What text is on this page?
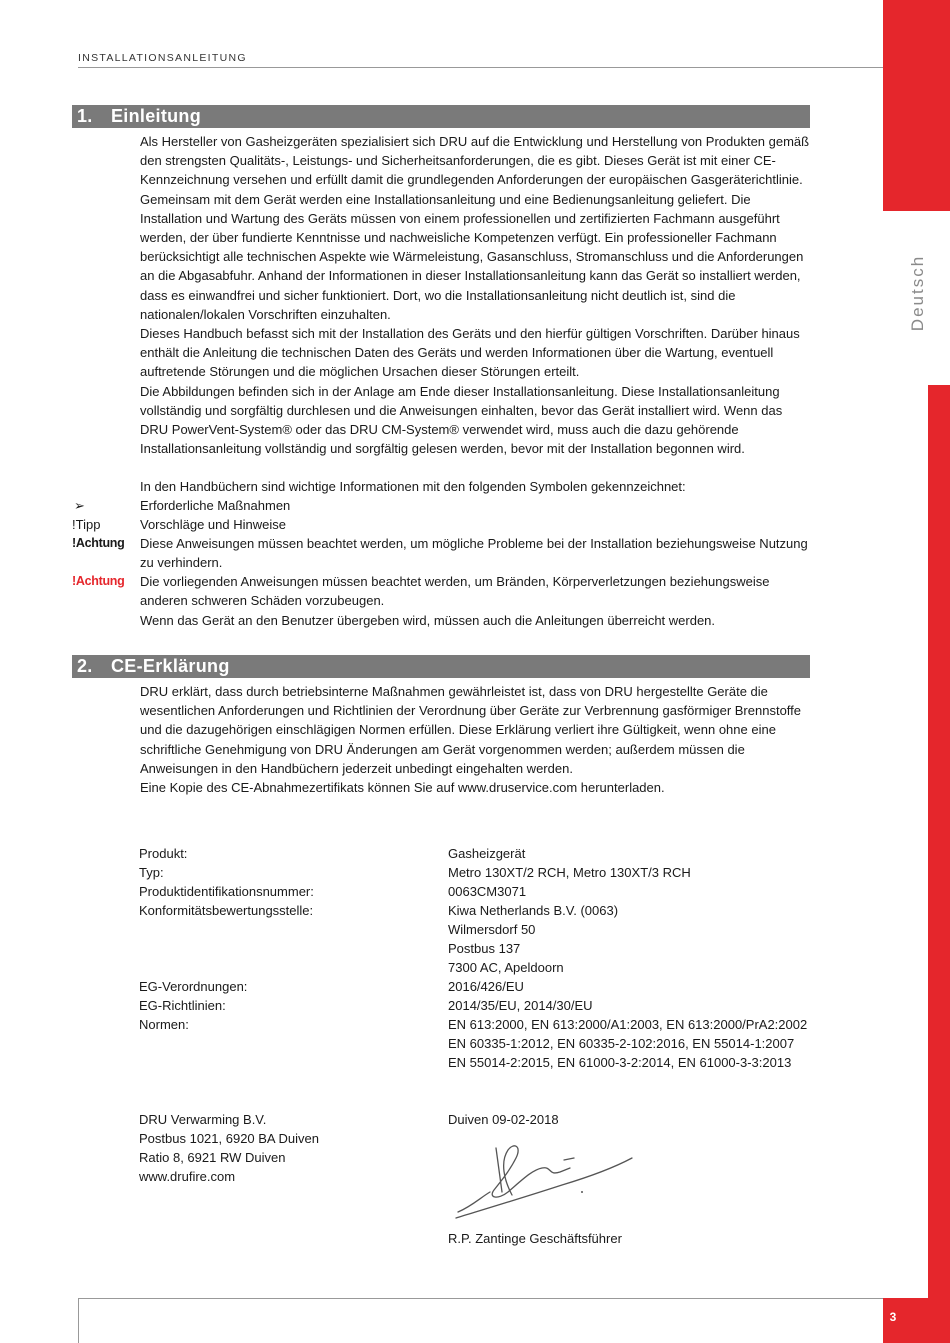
Deutsch
INSTALLATIONSANLEITUNG
1. Einleitung

Als Hersteller von Gasheizgeräten spezialisiert sich DRU auf die Entwicklung und Herstellung von Produkten gemäß den strengsten Qualitäts-, Leistungs- und Sicherheitsanforderungen, die es gibt. Dieses Gerät ist mit einer CE-Kennzeichnung versehen und erfüllt damit die grundlegenden Anforderungen der europäischen Gasgeräterichtlinie. Gemeinsam mit dem Gerät werden eine Installationsanleitung und eine Bedienungsanleitung geliefert. Die Installation und Wartung des Geräts müssen von einem professionellen und zertifizierten Fachmann ausgeführt werden, der über fundierte Kenntnisse und nachweisliche Kompetenzen verfügt. Ein professioneller Fachmann berücksichtigt alle technischen Aspekte wie Wärmeleistung, Gasanschluss, Stromanschluss und die Anforderungen an die Abgasabfuhr. Anhand der Informationen in dieser Installationsanleitung kann das Gerät so installiert werden, dass es einwandfrei und sicher funktioniert. Dort, wo die Installationsanleitung nicht deutlich ist, sind die nationalen/lokalen Vorschriften einzuhalten.

Dieses Handbuch befasst sich mit der Installation des Geräts und den hierfür gültigen Vorschriften. Darüber hinaus enthält die Anleitung die technischen Daten des Geräts und werden Informationen über die Wartung, eventuell auftretende Störungen und die möglichen Ursachen dieser Störungen erteilt.

Die Abbildungen befinden sich in der Anlage am Ende dieser Installationsanleitung. Diese Installationsanleitung vollständig und sorgfältig durchlesen und die Anweisungen einhalten, bevor das Gerät installiert wird. Wenn das DRU PowerVent-System® oder das DRU CM-System® verwendet wird, muss auch die dazu gehörende Installationsanleitung vollständig und sorgfältig gelesen werden, bevor mit der Installation begonnen wird.

In den Handbüchern sind wichtige Informationen mit den folgenden Symbolen gekennzeichnet:
➢	Erforderliche Maßnahmen
!Tipp	Vorschläge und Hinweise
!Achtung Diese Anweisungen müssen beachtet werden, um mögliche Probleme bei der Installation beziehungsweise Nutzung zu verhindern.
!Achtung Die vorliegenden Anweisungen müssen beachtet werden, um Bränden, Körperverletzungen beziehungsweise anderen schweren Schäden vorzubeugen.
Wenn das Gerät an den Benutzer übergeben wird, müssen auch die Anleitungen überreicht werden.
2. CE-Erklärung

DRU erklärt, dass durch betriebsinterne Maßnahmen gewährleistet ist, dass von DRU hergestellte Geräte die wesentlichen Anforderungen und Richtlinien der Verordnung über Geräte zur Verbrennung gasförmiger Brennstoffe und die dazugehörigen einschlägigen Normen erfüllen. Diese Erklärung verliert ihre Gültigkeit, wenn ohne eine schriftliche Genehmigung von DRU Änderungen am Gerät vorgenommen werden; außerdem müssen die Anweisungen in den Handbüchern jederzeit unbedingt eingehalten werden.

Eine Kopie des CE-Abnahmezertifikats können Sie auf www.druservice.com herunterladen.

Produkt:	Gasheizgerät
Typ:	Metro 130XT/2 RCH, Metro 130XT/3 RCH
Produktidentifikationsnummer:	0063CM3071
Konformitätsbewertungsstelle:	Kiwa Netherlands B.V. (0063)
Wilmersdorf 50
Postbus 137
7300 AC, Apeldoorn
EG-Verordnungen:	2016/426/EU
EG-Richtlinien:	2014/35/EU, 2014/30/EU
Normen:	EN 613:2000, EN 613:2000/A1:2003, EN 613:2000/PrA2:2002
EN 60335-1:2012, EN 60335-2-102:2016, EN 55014-1:2007
EN 55014-2:2015, EN 61000-3-2:2014, EN 61000-3-3:2013
DRU Verwarming B.V.
Postbus 1021, 6920 BA Duiven
Ratio 8, 6921 RW Duiven
www.drufire.com
Duiven 09-02-2018
R.P. Zantinge Geschäftsführer
3
